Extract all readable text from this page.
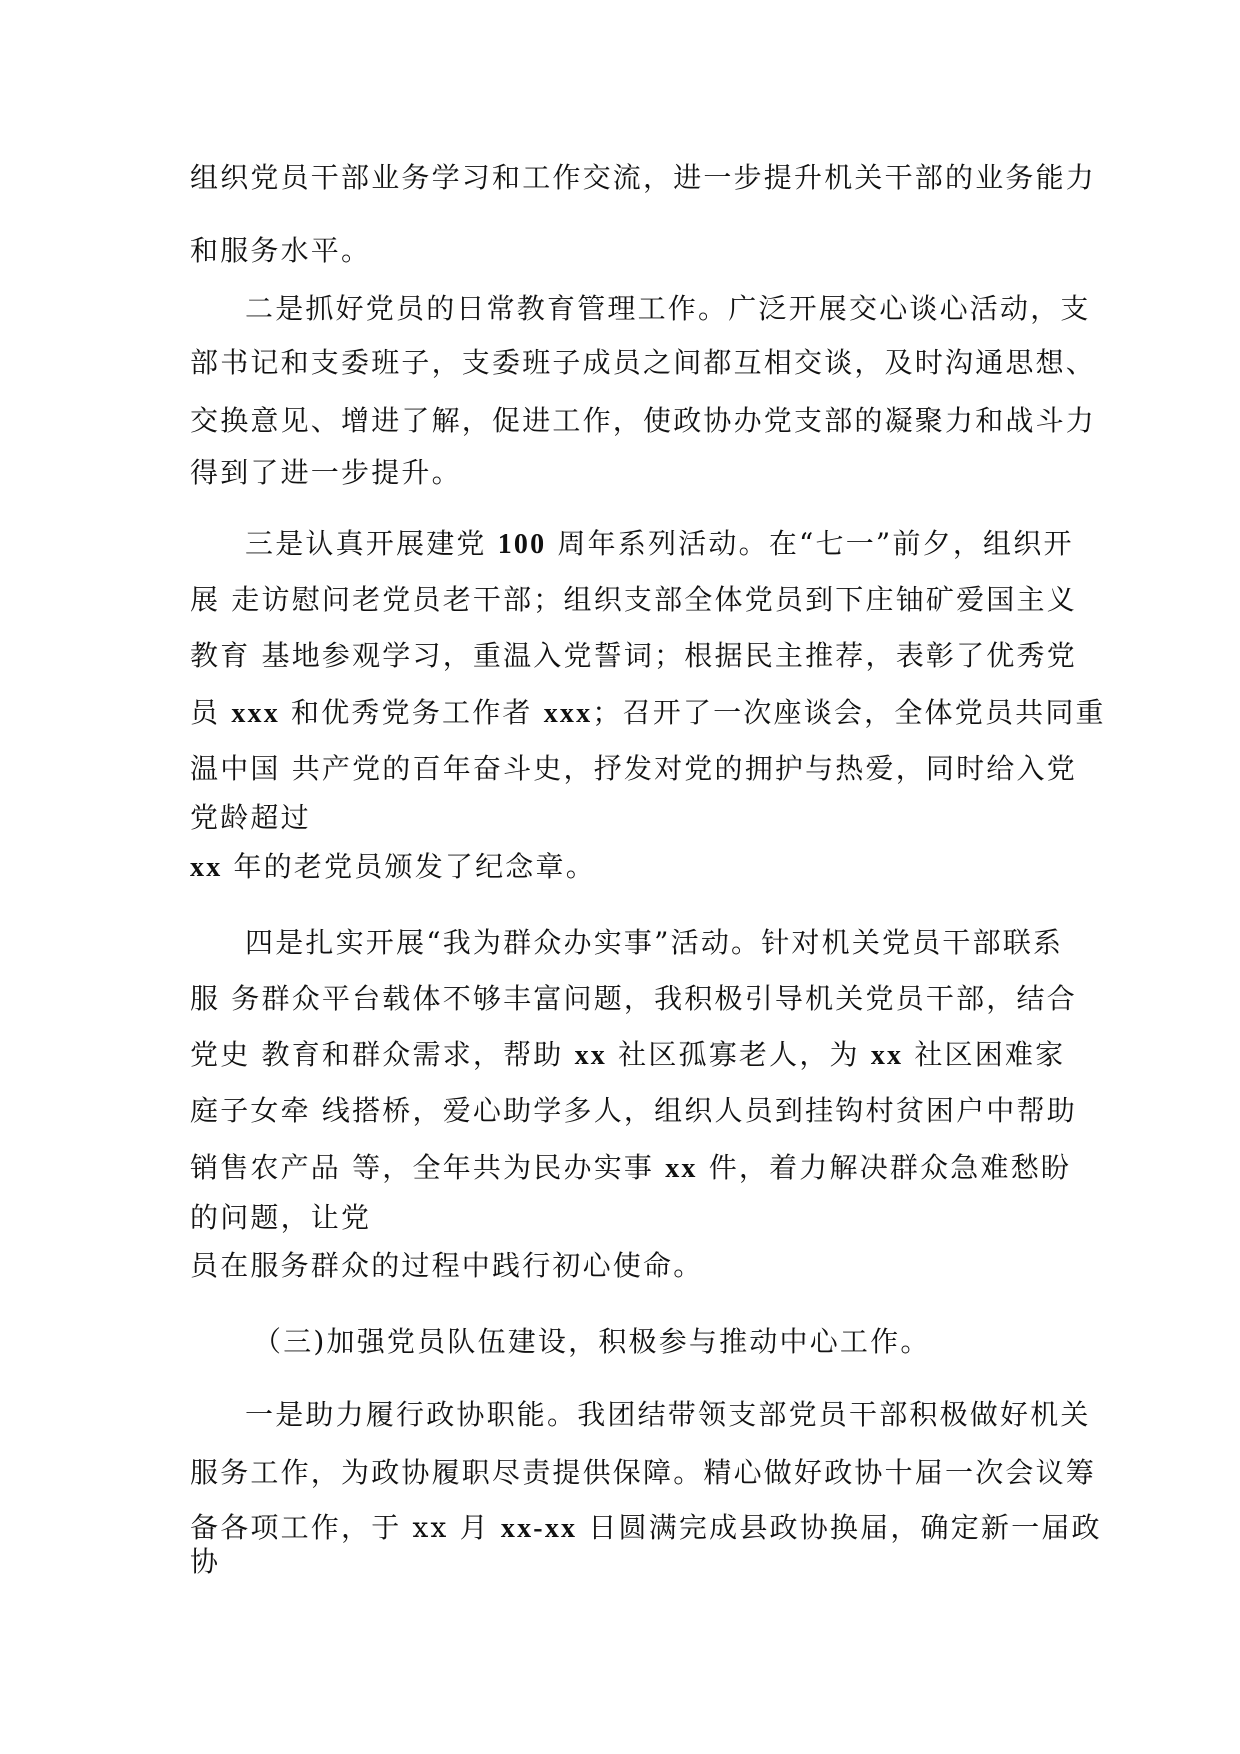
组织党员干部业务学习和工作交流，进一步提升机关干部的业务能力
和服务水平。
二是抓好党员的日常教育管理工作。广泛开展交心谈心活动，支
部书记和支委班子，支委班子成员之间都互相交谈，及时沟通思想、
交换意见、增进了解，促进工作，使政协办党支部的凝聚力和战斗力
得到了进一步提升。
三是认真开展建党 100 周年系列活动。在“七一”前夕，组织开
展 走访慰问老党员老干部；组织支部全体党员到下庄铀矿爱国主义
教育 基地参观学习，重温入党誓词；根据民主推荐，表彰了优秀党
员 xxx 和优秀党务工作者 xxx；召开了一次座谈会，全体党员共同重
温中国 共产党的百年奋斗史，抒发对党的拥护与热爱，同时给入党
党龄超过
xx 年的老党员颁发了纪念章。
四是扎实开展“我为群众办实事”活动。针对机关党员干部联系
服 务群众平台载体不够丰富问题，我积极引导机关党员干部，结合
党史 教育和群众需求，帮助 xx 社区孤寡老人，为 xx 社区困难家
庭子女牵 线搭桥，爱心助学多人，组织人员到挂钩村贫困户中帮助
销售农产品 等，全年共为民办实事 xx 件，着力解决群众急难愁盼
的问题，让党
员在服务群众的过程中践行初心使命。
（三)加强党员队伍建设，积极参与推动中心工作。
一是助力履行政协职能。我团结带领支部党员干部积极做好机关
服务工作，为政协履职尽责提供保障。精心做好政协十届一次会议筹
备各项工作，于 xx 月 xx-xx 日圆满完成县政协换届，确定新一届政
协
